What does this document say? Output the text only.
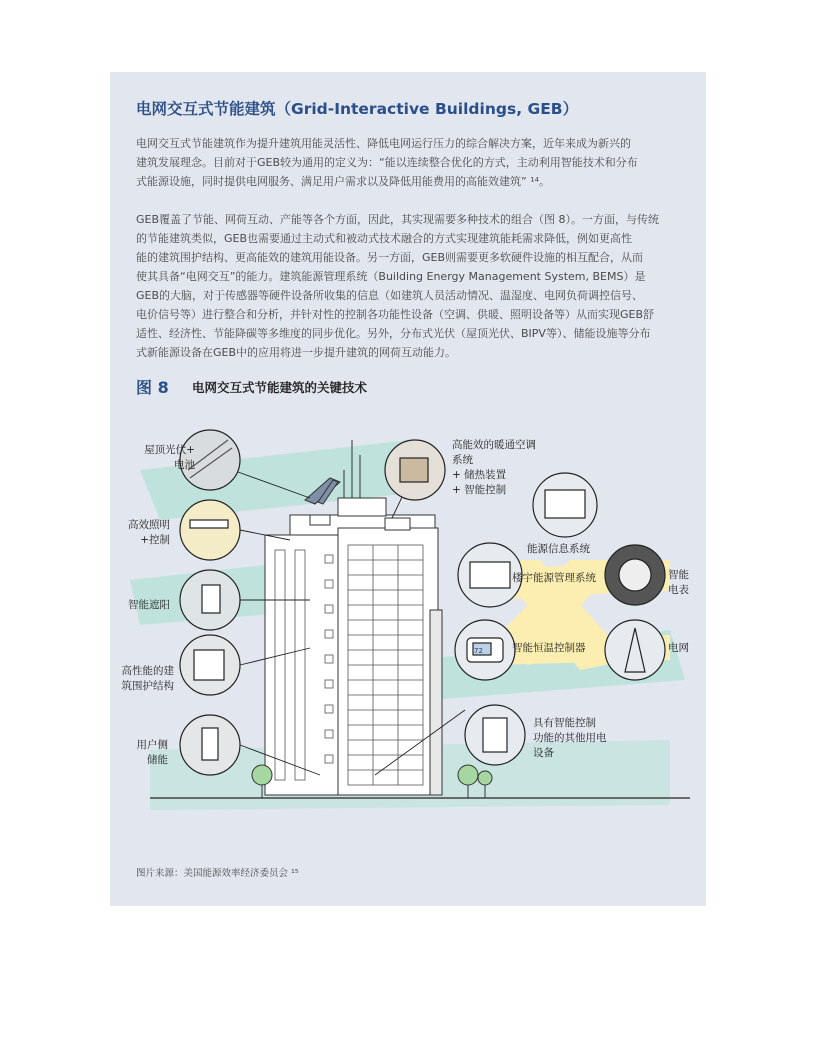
电网交互式节能建筑（Grid-Interactive Buildings, GEB）
电网交互式节能建筑作为提升建筑用能灵活性、降低电网运行压力的综合解决方案，近年来成为新兴的
建筑发展理念。目前对于GEB较为通用的定义为：“能以连续整合优化的方式，主动利用智能技术和分布
式能源设施，同时提供电网服务、满足用户需求以及降低用能费用的高能效建筑” ¹⁴。
GEB覆盖了节能、网荷互动、产能等各个方面，因此，其实现需要多种技术的组合（图 8）。一方面，与传统
的节能建筑类似，GEB也需要通过主动式和被动式技术融合的方式实现建筑能耗需求降低，例如更高性
能的建筑围护结构、更高能效的建筑用能设备。另一方面，GEB则需要更多软硬件设施的相互配合，从而
使其具备“电网交互”的能力。建筑能源管理系统（Building Energy Management System, BEMS）是
GEB的大脑，对于传感器等硬件设备所收集的信息（如建筑人员活动情况、温湿度、电网负荷调控信号、
电价信号等）进行整合和分析，并针对性的控制各功能性设备（空调、供暖、照明设备等）从而实现GEB舒
适性、经济性、节能降碳等多维度的同步优化。另外，分布式光伏（屋顶光伏、BIPV等）、储能设施等分布
式新能源设备在GEB中的应用将进一步提升建筑的网荷互动能力。
图 8 电网交互式节能建筑的关键技术
72
屋顶光伏+
电池
高效照明
+控制
智能遮阳
高性能的建
筑围护结构
用户侧
储能
高能效的暖通空调
系统
+ 储热装置
+ 智能控制
能源信息系统
楼宇能源管理系统	智能
电表
智能恒温控制器	电网
具有智能控制
功能的其他用电
设备
图片来源：美国能源效率经济委员会 ¹⁵
